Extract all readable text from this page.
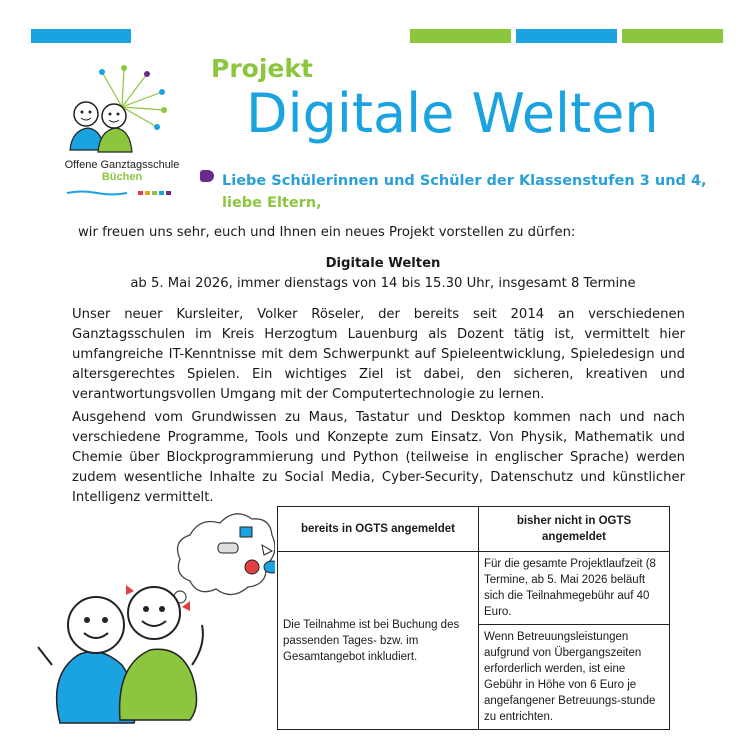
Offene Ganztagsschule
Büchen
Projekt
Digitale Welten
Liebe Schülerinnen und Schüler der Klassenstufen 3 und 4,
liebe Eltern,
wir freuen uns sehr, euch und Ihnen ein neues Projekt vorstellen zu dürfen:
Digitale Welten
ab 5. Mai 2026, immer dienstags von 14 bis 15.30 Uhr, insgesamt 8 Termine
Unser neuer Kursleiter, Volker Röseler, der bereits seit 2014 an verschiedenen Ganztagsschulen im Kreis Herzogtum Lauenburg als Dozent tätig ist, vermittelt hier umfangreiche IT-Kenntnisse mit dem Schwerpunkt auf Spieleentwicklung, Spieledesign und altersgerechtes Spielen. Ein wichtiges Ziel ist dabei, den sicheren, kreativen und verantwortungsvollen Umgang mit der Computertechnologie zu lernen.
Ausgehend vom Grundwissen zu Maus, Tastatur und Desktop kommen nach und nach verschiedene Programme, Tools und Konzepte zum Einsatz. Von Physik, Mathematik und Chemie über Blockprogrammierung und Python (teilweise in englischer Sprache) werden zudem wesentliche Inhalte zu Social Media, Cyber-Security, Datenschutz und künstlicher Intelligenz vermittelt.
bereits in OGTS angemeldet	bisher nicht in OGTS angemeldet
Die Teilnahme ist bei Buchung des passenden Tages- bzw. im Gesamtangebot inkludiert.	Für die gesamte Projektlaufzeit (8 Termine, ab 5. Mai 2026 beläuft sich die Teilnahmegebühr auf 40 Euro.
	Wenn Betreuungsleistungen aufgrund von Übergangszeiten erforderlich werden, ist eine Gebühr in Höhe von 6 Euro je angefangener Betreuungs-stunde zu entrichten.
